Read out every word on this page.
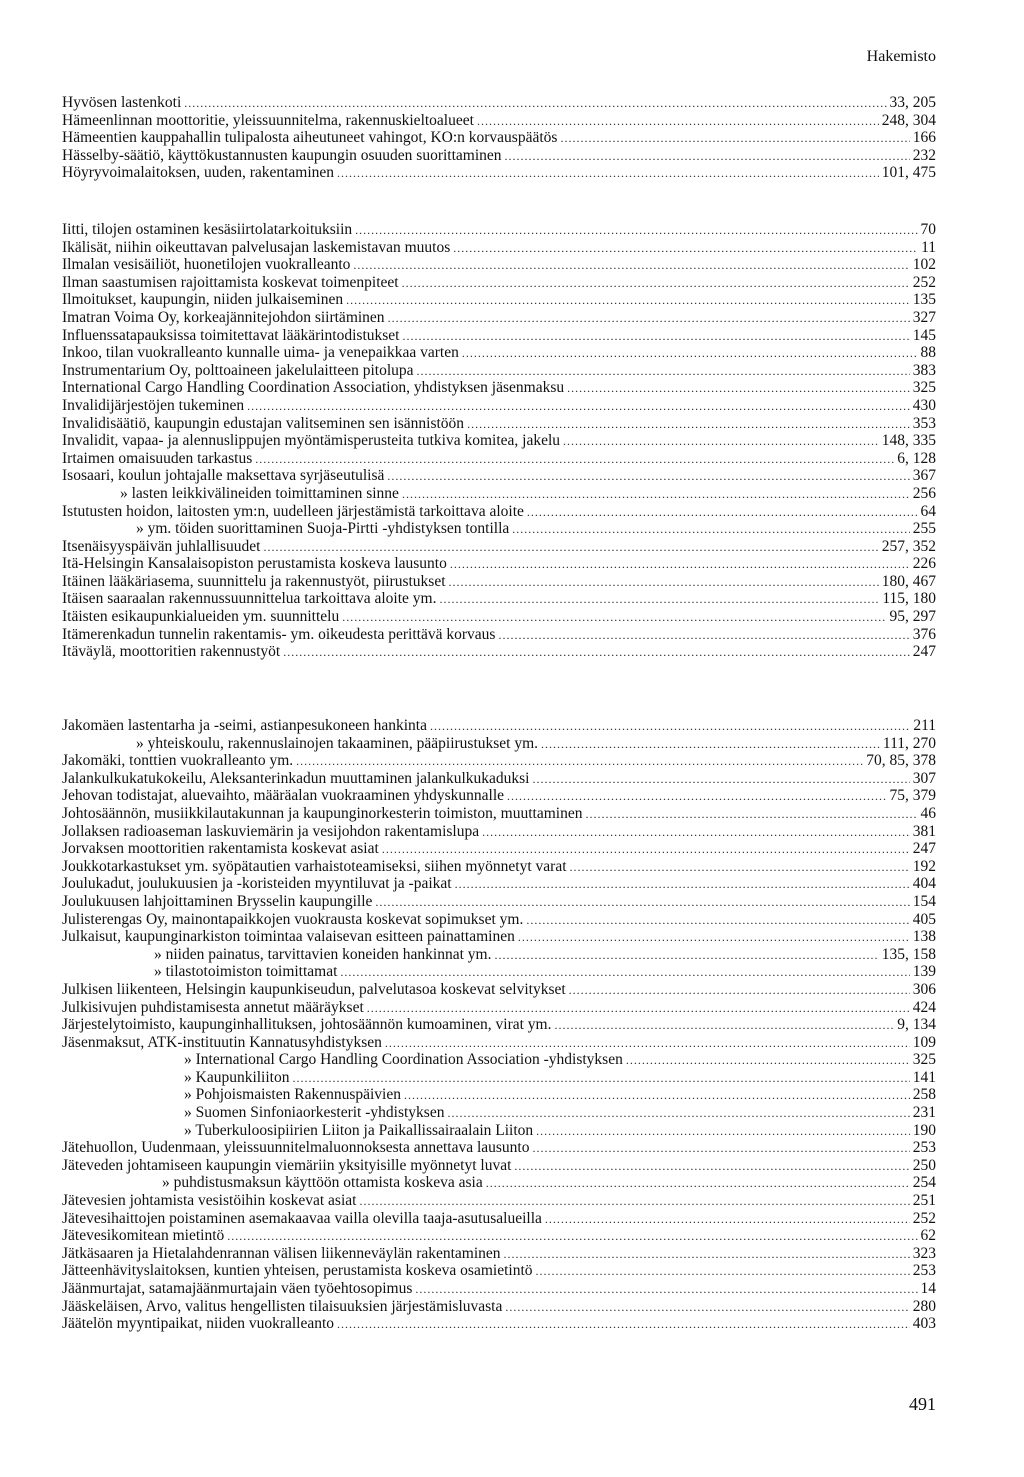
Hakemisto
Hyvösen lastenkoti .....	33, 205
Hämeenlinnan moottoritie, yleissuunnitelma, rakennuskieltoalueet .....	248, 304
Hämeentien kauppahallin tulipalosta aiheutuneet vahingot, KO:n korvauspäätös .....	166
Hässelby-säätiö, käyttökustannusten kaupungin osuuden suorittaminen .....	232
Höyryvoimalaitoksen, uuden, rakentaminen .....	101, 475
Iitti, tilojen ostaminen kesäsiirtolatarkoituksiin .....	70
Ikälisät, niihin oikeuttavan palvelusajan laskemistavan muutos .....	11
Ilmalan vesisäiliöt, huonetilojen vuokralleanto .....	102
Ilman saastumisen rajoittamista koskevat toimenpiteet .....	252
Ilmoitukset, kaupungin, niiden julkaiseminen .....	135
Imatran Voima Oy, korkeajännitejohdon siirtäminen .....	327
Influenssatapauksissa toimitettavat lääkärintodistukset .....	145
Inkoo, tilan vuokralleanto kunnalle uima- ja venepaikkaa varten .....	88
Instrumentarium Oy, polttoaineen jakelulaitteen pitolupa .....	383
International Cargo Handling Coordination Association, yhdistyksen jäsenmaksu .....	325
Invalidijärjestöjen tukeminen .....	430
Invalidisäätiö, kaupungin edustajan valitseminen sen isännistöön .....	353
Invalidit, vapaa- ja alennuslippujen myöntämisperusteita tutkiva komitea, jakelu .....	148, 335
Irtaimen omaisuuden tarkastus .....	6, 128
Isosaari, koulun johtajalle maksettava syrjäseutulisä .....	367
» lasten leikkivälineiden toimittaminen sinne .....	256
Istutusten hoidon, laitosten ym:n, uudelleen järjestämistä tarkoittava aloite .....	64
» ym. töiden suorittaminen Suoja-Pirtti -yhdistyksen tontilla .....	255
Itsenäisyyspäivän juhlallisuudet .....	257, 352
Itä-Helsingin Kansalaisopiston perustamista koskeva lausunto .....	226
Itäinen lääkäriasema, suunnittelu ja rakennustyöt, piirustukset .....	180, 467
Itäisen saaraalan rakennussuunnittelua tarkoittava aloite ym. .....	115, 180
Itäisten esikaupunkialueiden ym. suunnittelu .....	95, 297
Itämerenkadun tunnelin rakentamis- ym. oikeudesta perittävä korvaus .....	376
Itäväylä, moottoritien rakennustyöt .....	247
Jakomäen lastentarha ja -seimi, astianpesukoneen hankinta .....	211
» yhteiskoulu, rakennuslainojen takaaminen, pääpiirustukset ym. .....	111, 270
Jakomäki, tonttien vuokralleanto ym. .....	70, 85, 378
Jalankulkukatukokeilu, Aleksanterinkadun muuttaminen jalankulkukaduksi .....	307
Jehovan todistajat, aluevaihto, määräalan vuokraaminen yhdyskunnalle .....	75, 379
Johtosäännön, musiikkilautakunnan ja kaupunginorkesterin toimiston, muuttaminen .....	46
Jollaksen radioaseman laskuviemärin ja vesijohdon rakentamislupa .....	381
Jorvaksen moottoritien rakentamista koskevat asiat .....	247
Joukkotarkastukset ym. syöpätautien varhaistoteamiseksi, siihen myönnetyt varat .....	192
Joulukadut, joulukuusien ja -koristeiden myyntiluvat ja -paikat .....	404
Joulukuusen lahjoittaminen Brysselin kaupungille .....	154
Julisterengas Oy, mainontapaikkojen vuokrausta koskevat sopimukset ym. .....	405
Julkaisut, kaupunginarkiston toimintaa valaisevan esitteen painattaminen .....	138
» niiden painatus, tarvittavien koneiden hankinnat ym. .....	135, 158
» tilastotoimiston toimittamat .....	139
Julkisen liikenteen, Helsingin kaupunkiseudun, palvelutasoa koskevat selvitykset .....	306
Julkisivujen puhdistamisesta annetut määräykset .....	424
Järjestelytoimisto, kaupunginhallituksen, johtosäännön kumoaminen, virat ym. .....	9, 134
Jäsenmaksut, ATK-instituutin Kannatusyhdistyksen .....	109
» International Cargo Handling Coordination Association -yhdistyksen .....	325
» Kaupunkiliiton .....	141
» Pohjoismaisten Rakennuspäivien .....	258
» Suomen Sinfoniaorkesterit -yhdistyksen .....	231
» Tuberkuloosipiirien Liiton ja Paikallissairaalain Liiton .....	190
Jätehuollon, Uudenmaan, yleissuunnitelmaluonnoksesta annettava lausunto .....	253
Jäteveden johtamiseen kaupungin viemäriin yksityisille myönnetyt luvat .....	250
» puhdistusmaksun käyttöön ottamista koskeva asia .....	254
Jätevesien johtamista vesistöihin koskevat asiat .....	251
Jätevesihaittojen poistaminen asemakaavaa vailla olevilla taaja-asutusalueilla .....	252
Jätevesikomitean mietintö .....	62
Jätkäsaaren ja Hietalahdenrannan välisen liikenneväylän rakentaminen .....	323
Jätteenhävityslaitoksen, kuntien yhteisen, perustamista koskeva osamietintö .....	253
Jäänmurtajat, satamajäänmurtajain väen työehtosopimus .....	14
Jääskeläisen, Arvo, valitus hengellisten tilaisuuksien järjestämisluvasta .....	280
Jäätelön myyntipaikat, niiden vuokralleanto .....	403
491
